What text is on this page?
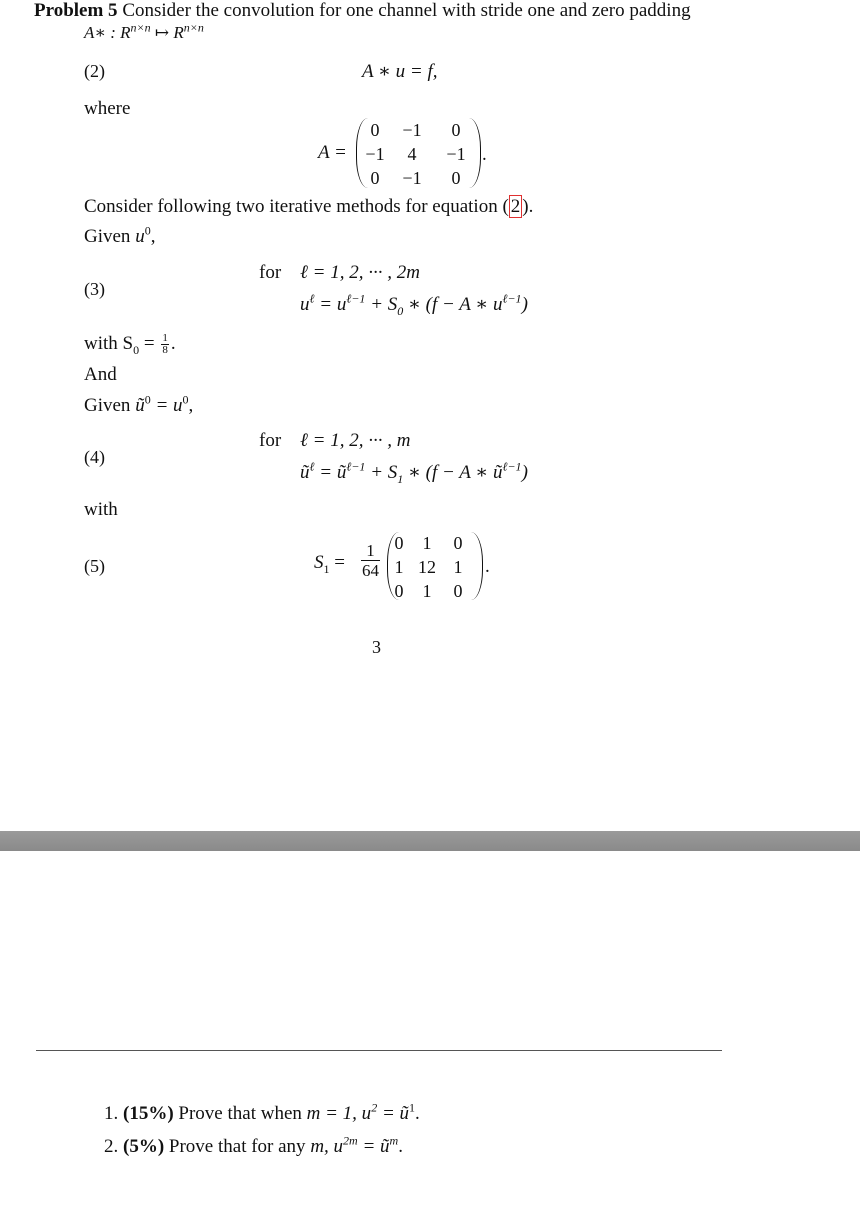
Problem 5 Consider the convolution for one channel with stride one and zero padding
A∗ : $R^{n\times n}$ ↦ $R^{n\times n}$
(2)	A ∗ u = f,
where
A =
0	−1	0
−1	4	−1
0	−1	0
.
Consider following two iterative methods for equation ( 2 ).
Given $u^0$,
(3)
for ℓ = 1, 2, ··· , 2m
$u^\ell = u^{\ell-1} + S_0$ ∗ (f − A ∗ $u^{\ell-1}$)
with $S_0 = \frac{1}{8}$ .
And
Given $ũ^0 = u^0$,
(4)
for ℓ = 1, 2, ··· , m
$ũ^\ell$ = $ũ^{\ell-1} + S_1$ ∗ (f − A ∗ $ũ^{\ell-1}$)
with
(5)	$S_1$ =
1
64
0	1	0
1 12 1
0	1	0
.
3
1. (15%) Prove that when m = 1, $u^2$ = $ũ^1$.
2. (5%) Prove that for any m, $u^{2m}$ = $ũ^m$.
